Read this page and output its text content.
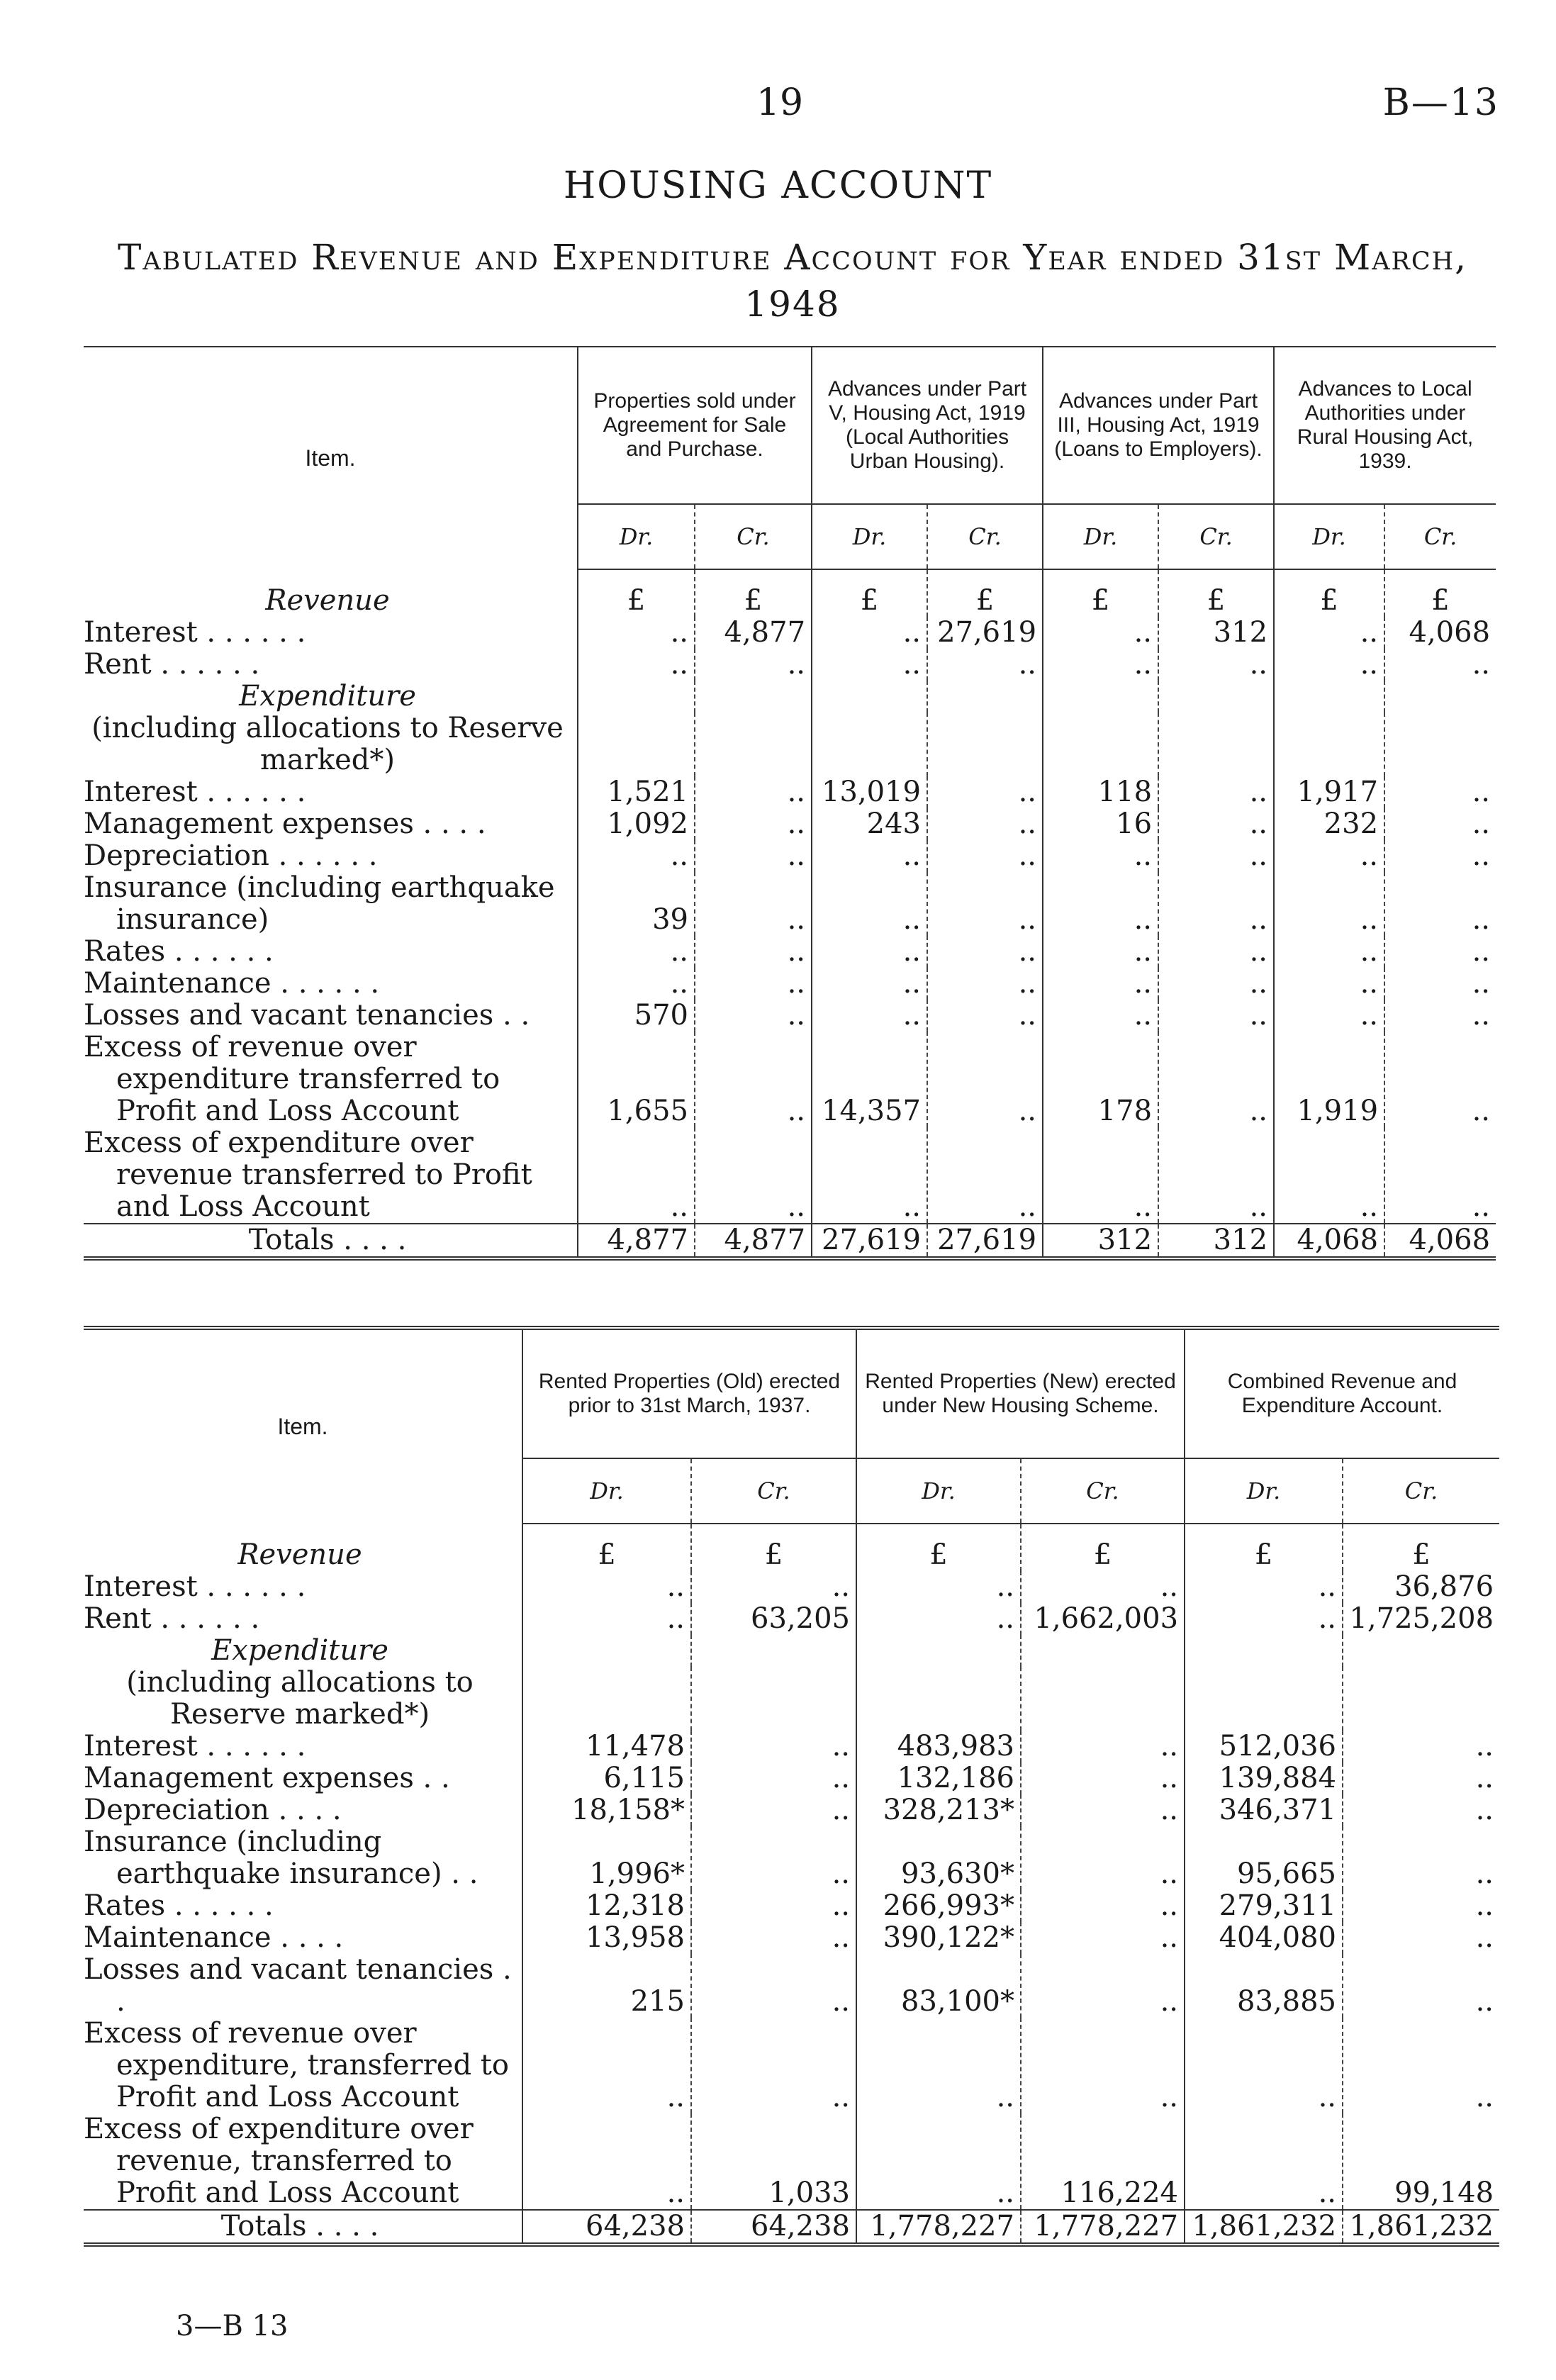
19	B—13
HOUSING ACCOUNT
Tabulated Revenue and Expenditure Account for Year ended 31st March,
1948
Item.	Properties sold under Agreement for Sale and Purchase.		Advances under Part V, Housing Act, 1919 (Local Authorities Urban Housing).		Advances under Part III, Housing Act, 1919 (Loans to Employers).		Advances to Local Authorities under Rural Housing Act, 1939.	
	Dr.	Cr.	Dr.	Cr.	Dr.	Cr.	Dr.	Cr.
Revenue	£	£	£	£	£	£	£	£
Interest . . . . . .	..	4,877	..	27,619	..	312	..	4,068
Rent . . . . . .	..	..	..	..	..	..	..	..
Expenditure								
(including allocations to Reserve marked*)								
Interest . . . . . .	1,521	..	13,019	..	118	..	1,917	..
Management expenses . . . .	1,092	..	243	..	16	..	232	..
Depreciation . . . . . .	..	..	..	..	..	..	..	..
Insurance (including earthquake insurance)	39	..	..	..	..	..	..	..
Rates . . . . . .	..	..	..	..	..	..	..	..
Maintenance . . . . . .	..	..	..	..	..	..	..	..
Losses and vacant tenancies . .	570	..	..	..	..	..	..	..
Excess of revenue over expenditure transferred to Profit and Loss Account	1,655	..	14,357	..	178	..	1,919	..
Excess of expenditure over revenue transferred to Profit and Loss Account	..	..	..	..	..	..	..	..
Totals . . . .	4,877	4,877	27,619	27,619	312	312	4,068	4,068
Item.	Rented Properties (Old) erected prior to 31st March, 1937.		Rented Properties (New) erected under New Housing Scheme.		Combined Revenue and Expenditure Account.	
	Dr.	Cr.	Dr.	Cr.	Dr.	Cr.
Revenue	£	£	£	£	£	£
Interest . . . . . .	..	..	..	..	..	36,876
Rent . . . . . .	..	63,205	..	1,662,003	..	1,725,208
Expenditure						
(including allocations to Reserve marked*)						
Interest . . . . . .	11,478	..	483,983	..	512,036	..
Management expenses . .	6,115	..	132,186	..	139,884	..
Depreciation . . . .	18,158*	..	328,213*	..	346,371	..
Insurance (including earthquake insurance) . .	1,996*	..	93,630*	..	95,665	..
Rates . . . . . .	12,318	..	266,993*	..	279,311	..
Maintenance . . . .	13,958	..	390,122*	..	404,080	..
Losses and vacant tenancies . .	215	..	83,100*	..	83,885	..
Excess of revenue over expenditure, transferred to Profit and Loss Account	..	..	..	..	..	..
Excess of expenditure over revenue, transferred to Profit and Loss Account	..	1,033	..	116,224	..	99,148
Totals . . . .	64,238	64,238	1,778,227	1,778,227	1,861,232	1,861,232
3—B 13
